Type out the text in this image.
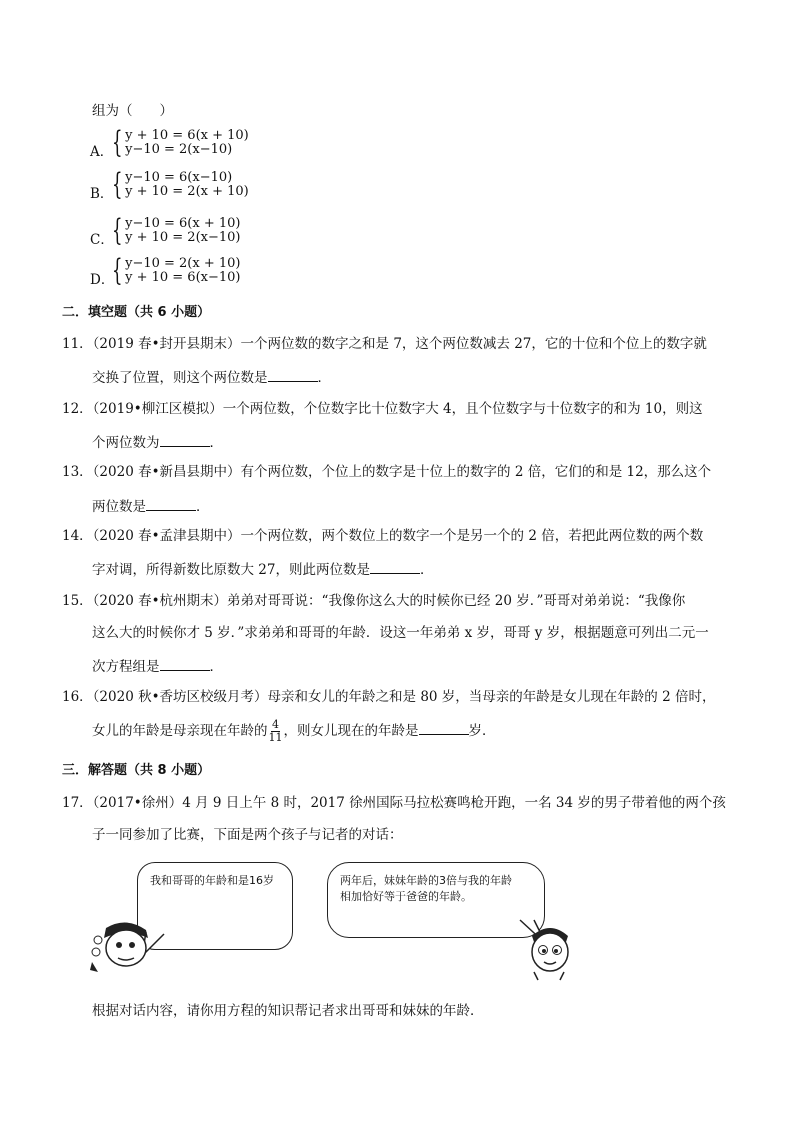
组为（　　）
A．
{ y + 10 = 6(x + 10)
y−10 = 2(x−10)
B．
{ y−10 = 6(x−10)
y + 10 = 2(x + 10)
C．
{ y−10 = 6(x + 10)
y + 10 = 2(x−10)
D．
{ y−10 = 2(x + 10)
y + 10 = 6(x−10)
二．填空题（共 6 小题）
11．（2019 春•封开县期末）一个两位数的数字之和是 7，这个两位数减去 27，它的十位和个位上的数字就
交换了位置，则这个两位数是	．
12．（2019•柳江区模拟）一个两位数，个位数字比十位数字大 4，且个位数字与十位数字的和为 10，则这
个两位数为	．
13．（2020 春•新昌县期中）有个两位数，个位上的数字是十位上的数字的 2 倍，它们的和是 12，那么这个
两位数是	．
14．（2020 春•孟津县期中）一个两位数，两个数位上的数字一个是另一个的 2 倍，若把此两位数的两个数
字对调，所得新数比原数大 27，则此两位数是	．
15．（2020 春•杭州期末）弟弟对哥哥说：“我像你这么大的时候你已经 20 岁．”哥哥对弟弟说：“我像你
这么大的时候你才 5 岁．”求弟弟和哥哥的年龄．设这一年弟弟 x 岁，哥哥 y 岁，根据题意可列出二元一
次方程组是	．
16．（2020 秋•香坊区校级月考）母亲和女儿的年龄之和是 80 岁，当母亲的年龄是女儿现在年龄的 2 倍时，
女儿的年龄是母亲现在年龄的 $\frac{4}{11}$ ，则女儿现在的年龄是	岁．
三．解答题（共 8 小题）
17．（2017•徐州）4 月 9 日上午 8 时，2017 徐州国际马拉松赛鸣枪开跑，一名 34 岁的男子带着他的两个孩
子一同参加了比赛，下面是两个孩子与记者的对话：
我和哥哥的年龄和是16岁	两年后，妹妹年龄的3倍与我的年龄
相加恰好等于爸爸的年龄。
根据对话内容，请你用方程的知识帮记者求出哥哥和妹妹的年龄．
